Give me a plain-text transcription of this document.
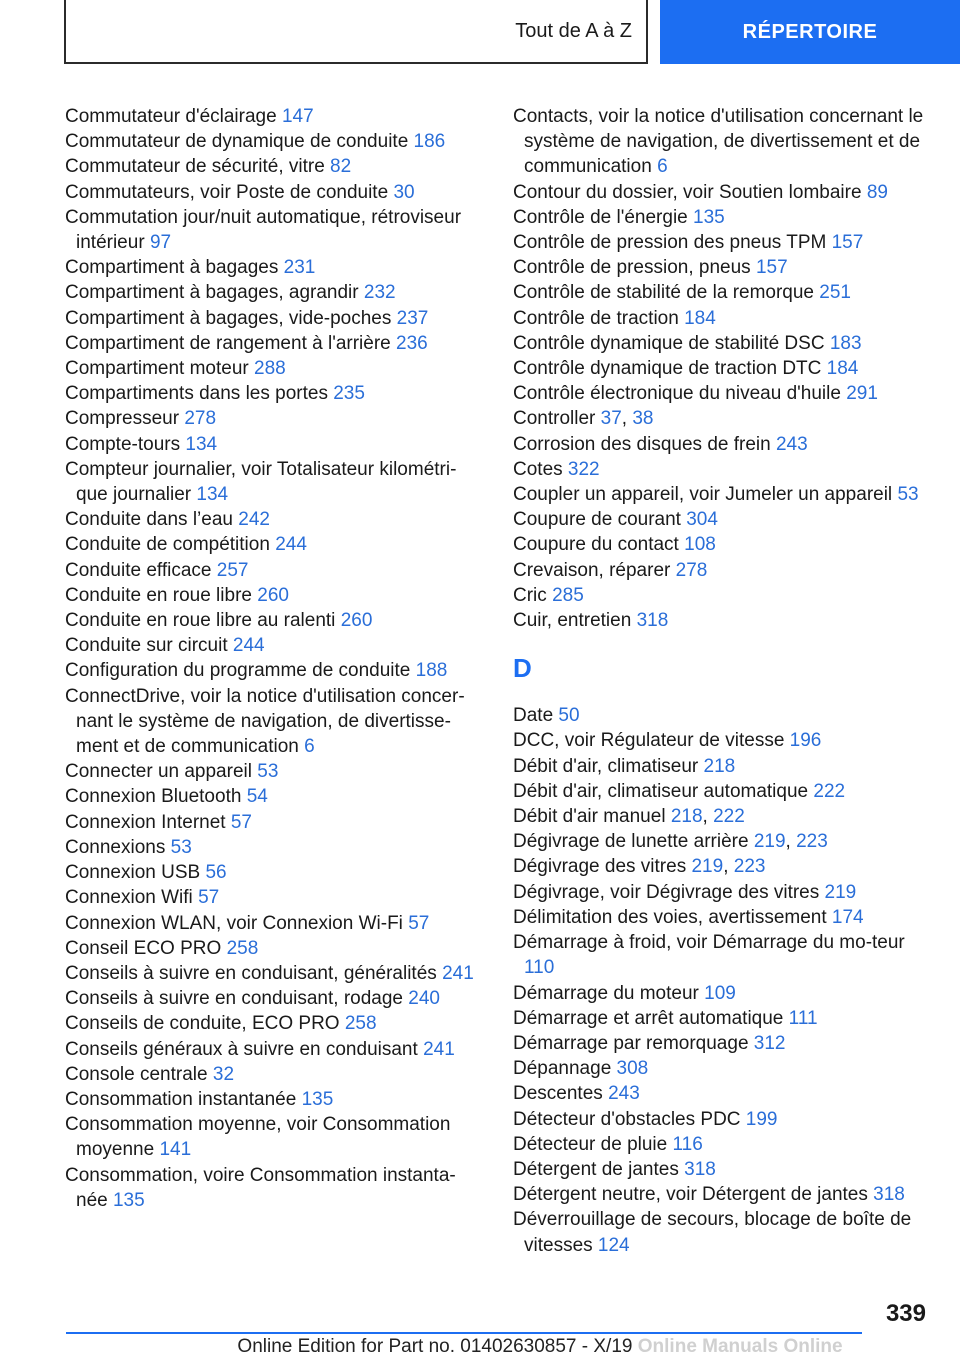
Tout de A à Z	RÉPERTOIRE
Commutateur d'éclairage 147
Commutateur de dynamique de conduite 186
Commutateur de sécurité, vitre 82
Commutateurs, voir Poste de conduite 30
Commutation jour/nuit automatique, rétroviseur intérieur 97
Compartiment à bagages 231
Compartiment à bagages, agrandir 232
Compartiment à bagages, vide-poches 237
Compartiment de rangement à l'arrière 236
Compartiment moteur 288
Compartiments dans les portes 235
Compresseur 278
Compte-tours 134
Compteur journalier, voir Totalisateur kilométri-que journalier 134
Conduite dans l’eau 242
Conduite de compétition 244
Conduite efficace 257
Conduite en roue libre 260
Conduite en roue libre au ralenti 260
Conduite sur circuit 244
Configuration du programme de conduite 188
ConnectDrive, voir la notice d'utilisation concer-nant le système de navigation, de divertisse-ment et de communication 6
Connecter un appareil 53
Connexion Bluetooth 54
Connexion Internet 57
Connexions 53
Connexion USB 56
Connexion Wifi 57
Connexion WLAN, voir Connexion Wi-Fi 57
Conseil ECO PRO 258
Conseils à suivre en conduisant, généralités 241
Conseils à suivre en conduisant, rodage 240
Conseils de conduite, ECO PRO 258
Conseils généraux à suivre en conduisant 241
Console centrale 32
Consommation instantanée 135
Consommation moyenne, voir Consommation moyenne 141
Consommation, voire Consommation instanta-née 135
Contacts, voir la notice d'utilisation concernant le système de navigation, de divertissement et de communication 6
Contour du dossier, voir Soutien lombaire 89
Contrôle de l'énergie 135
Contrôle de pression des pneus TPM 157
Contrôle de pression, pneus 157
Contrôle de stabilité de la remorque 251
Contrôle de traction 184
Contrôle dynamique de stabilité DSC 183
Contrôle dynamique de traction DTC 184
Contrôle électronique du niveau d'huile 291
Controller 37, 38
Corrosion des disques de frein 243
Cotes 322
Coupler un appareil, voir Jumeler un appareil 53
Coupure de courant 304
Coupure du contact 108
Crevaison, réparer 278
Cric 285
Cuir, entretien 318
D
Date 50
DCC, voir Régulateur de vitesse 196
Débit d'air, climatiseur 218
Débit d'air, climatiseur automatique 222
Débit d'air manuel 218, 222
Dégivrage de lunette arrière 219, 223
Dégivrage des vitres 219, 223
Dégivrage, voir Dégivrage des vitres 219
Délimitation des voies, avertissement 174
Démarrage à froid, voir Démarrage du mo-teur 110
Démarrage du moteur 109
Démarrage et arrêt automatique 111
Démarrage par remorquage 312
Dépannage 308
Descentes 243
Détecteur d'obstacles PDC 199
Détecteur de pluie 116
Détergent de jantes 318
Détergent neutre, voir Détergent de jantes 318
Déverrouillage de secours, blocage de boîte de vitesses 124
339
Online Edition for Part no. 01402630857 - X/19 Online Manuals Online
